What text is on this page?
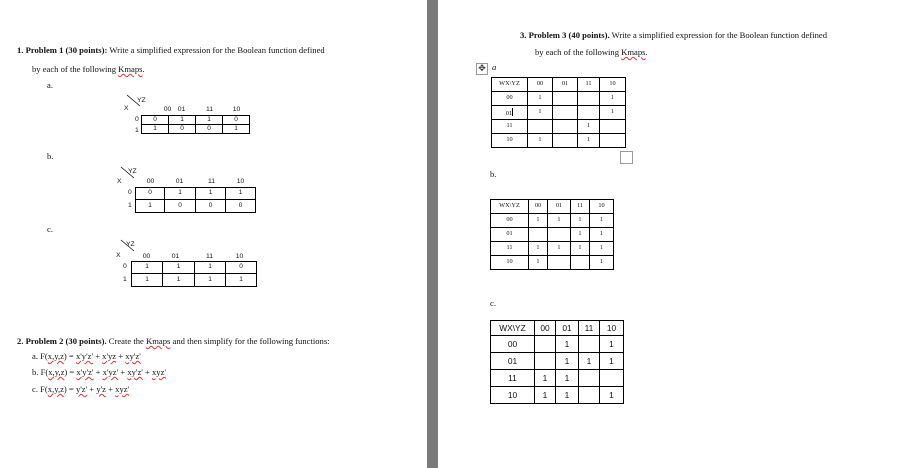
1. Problem 1 (30 points): Write a simplified expression for the Boolean function defined
by each of the following Kmaps.
a.
YZ
X	00 01	11	10
0
1
0	1	1	0
1	0	0	1
b.
YZ
X	00	01	11	10
0
1
0	1	1	1
1	0	0	0
c.
YZ
X	00	01	11	10
0
1
1	1	1	0
1	1	1	1
2. Problem 2 (30 points). Create the Kmaps and then simplify for the following functions:
a. F(x,y,z) = x'y'z' + x'yz + xy'z'
b. F(x,y,z) = x'y'z' + x'yz' + xy'z' + xyz'
c. F(x,y,z) = y'z' + y'z + xyz'
3. Problem 3 (40 points). Write a simplified expression for the Boolean function defined
by each of the following Kmaps.
✥ a
WX\YZ	00	01	11	10
00	1			1
01	1			1
11			1	
10	1		1	
b.
WX\YZ	00	01	11	10
00	1	1	1	1
01			1	1
11	1	1	1	1
10	1			1
c.
WX\YZ	00	01	11	10
00		1		1
01		1	1	1
11	1	1		
10	1	1		1
